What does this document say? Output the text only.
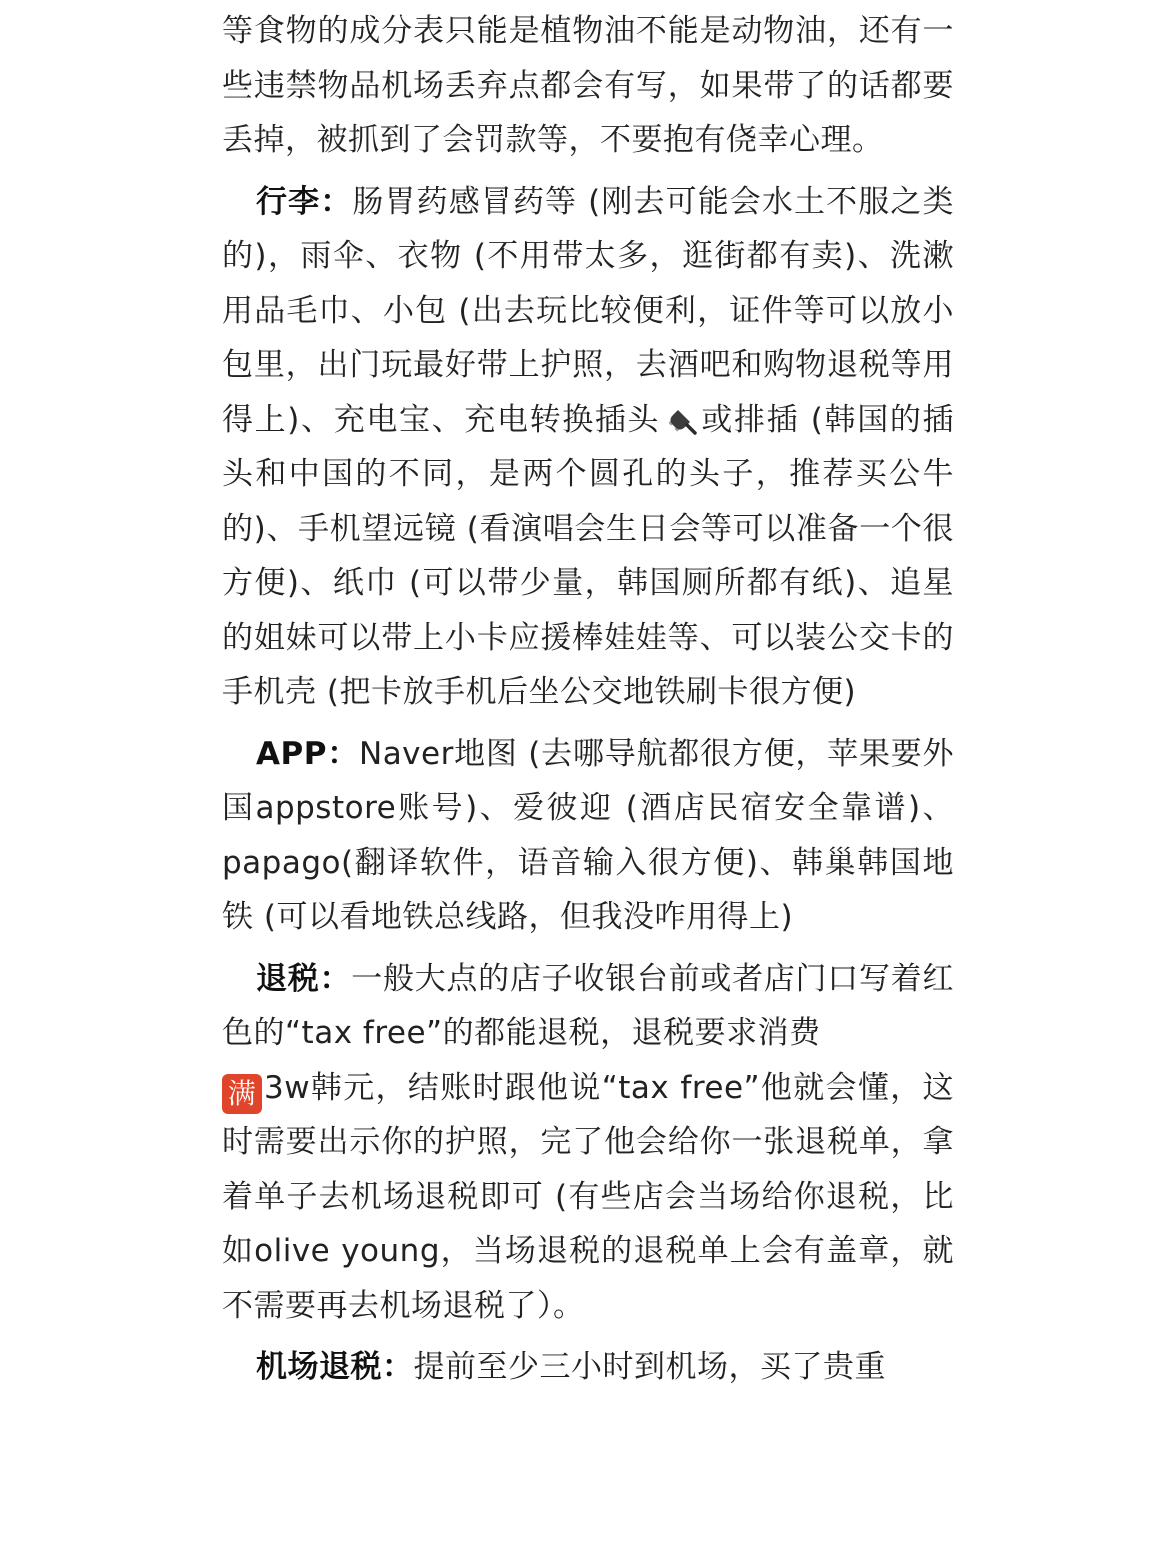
等食物的成分表只能是植物油不能是动物油，还有一些违禁物品机场丢弃点都会有写，如果带了的话都要丢掉，被抓到了会罚款等，不要抱有侥幸心理。

行李：肠胃药感冒药等 (刚去可能会水土不服之类的)，雨伞、衣物 (不用带太多，逛街都有卖)、洗漱用品毛巾、小包 (出去玩比较便利，证件等可以放小包里，出门玩最好带上护照，去酒吧和购物退税等用得上)、充电宝、充电转换插头 或排插 (韩国的插头和中国的不同，是两个圆孔的头子，推荐买公牛的)、手机望远镜 (看演唱会生日会等可以准备一个很方便)、纸巾 (可以带少量，韩国厕所都有纸)、追星的姐妹可以带上小卡应援棒娃娃等、可以装公交卡的手机壳 (把卡放手机后坐公交地铁刷卡很方便)

APP：Naver地图 (去哪导航都很方便，苹果要外国appstore账号)、爱彼迎 (酒店民宿安全靠谱)、papago(翻译软件，语音输入很方便)、韩巢韩国地铁 (可以看地铁总线路，但我没咋用得上)

退税：一般大点的店子收银台前或者店门口写着红色的“tax free”的都能退税，退税要求消费
满 3w韩元，结账时跟他说“tax free”他就会懂，这时需要出示你的护照，完了他会给你一张退税单，拿着单子去机场退税即可 (有些店会当场给你退税，比如olive young，当场退税的退税单上会有盖章，就不需要再去机场退税了）。

机场退税：提前至少三小时到机场，买了贵重
